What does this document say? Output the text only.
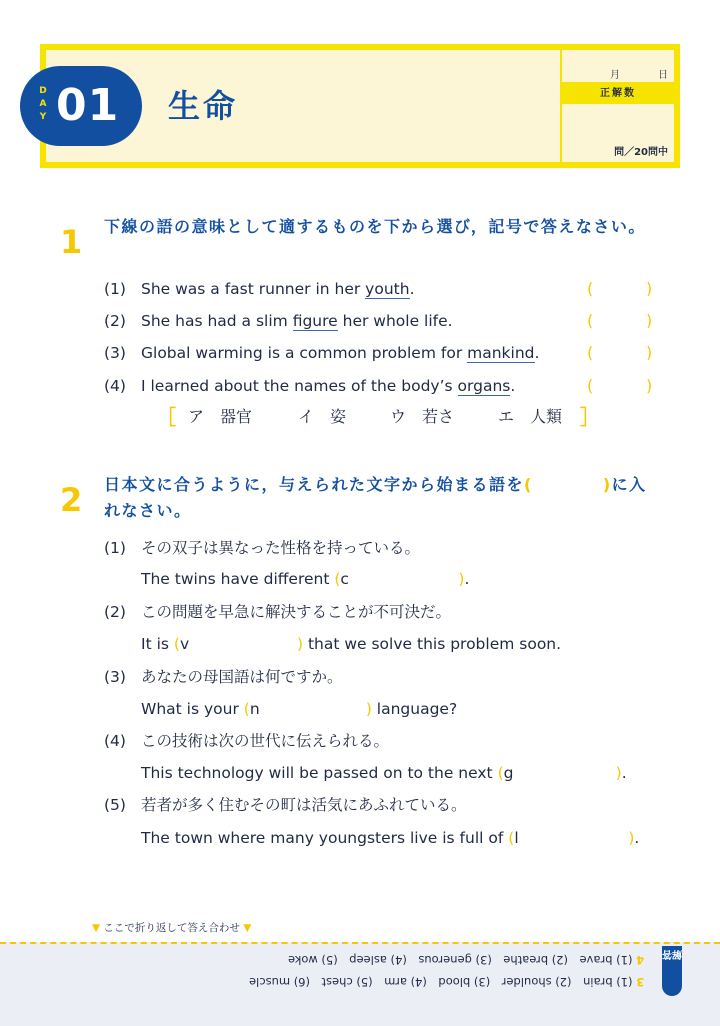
D
A
Y 01 生命
月	日
正解数
問／20問中
1 下線の語の意味として適するものを下から選び，記号で答えなさい。
(1) She was a fast runner in her youth.	(	)
(2) She has had a slim figure her whole life.	(	)
(3) Global warming is a common problem for mankind.	(	)
(4) I learned about the names of the body’s organs.	(	)
［ ア 器官	イ 姿	ウ 若さ	エ 人類 ］
2 日本文に合うように，与えられた文字から始まる語を(　　　　)に入れなさい。
(1) その双子は異なった性格を持っている。
The twins have different (c	).
(2) この問題を早急に解決することが不可決だ。
It is (v	) that we solve this problem soon.
(3) あなたの母国語は何ですか。
What is your (n	) language?
(4) この技術は次の世代に伝えられる。
This technology will be passed on to the next (g	).
(5) 若者が多く住むその町は活気にあふれている。
The town where many youngsters live is full of (l	).
▼ ここで折り返して答え合わせ ▼
解答
4 (1) brave　(2) breathe　(3) generous　(4) asleep　(5) woke
3 (1) brain　(2) shoulder　(3) blood　(4) arm　(5) chest　(6) muscle
